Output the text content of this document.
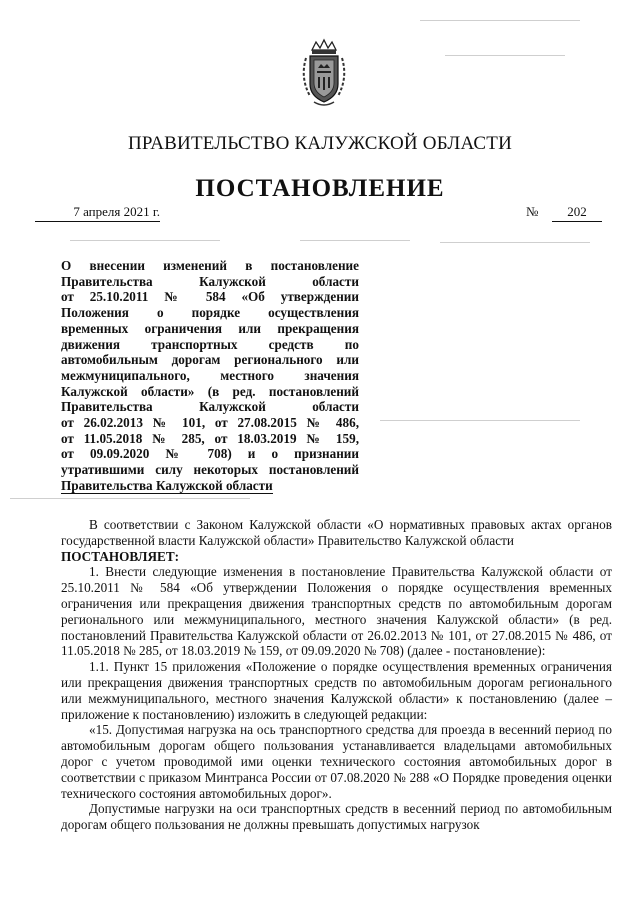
ПРАВИТЕЛЬСТВО КАЛУЖСКОЙ ОБЛАСТИ
ПОСТАНОВЛЕНИЕ
7 апреля 2021 г.	№	202
О внесении изменений в постановление
Правительства Калужской области
от 25.10.2011 № 584 «Об утверждении
Положения о порядке осуществления
временных ограничения или прекращения
движения транспортных средств по
автомобильным дорогам регионального или
межмуниципального, местного значения
Калужской области» (в ред. постановлений
Правительства Калужской области
от 26.02.2013 № 101, от 27.08.2015 № 486,
от 11.05.2018 № 285, от 18.03.2019 № 159,
от 09.09.2020 № 708) и о признании
утратившими силу некоторых постановлений
Правительства Калужской области

В соответствии с Законом Калужской области «О нормативных правовых актах органов государственной власти Калужской области» Правительство Калужской области

ПОСТАНОВЛЯЕТ:

1. Внести следующие изменения в постановление Правительства Калужской области от 25.10.2011 № 584 «Об утверждении Положения о порядке осуществления временных ограничения или прекращения движения транспортных средств по автомобильным дорогам регионального или межмуниципального, местного значения Калужской области» (в ред. постановлений Правительства Калужской области от 26.02.2013 № 101, от 27.08.2015 № 486, от 11.05.2018 № 285, от 18.03.2019 № 159, от 09.09.2020 № 708) (далее - постановление):

1.1. Пункт 15 приложения «Положение о порядке осуществления временных ограничения или прекращения движения транспортных средств по автомобильным дорогам регионального или межмуниципального, местного значения Калужской области» к постановлению (далее – приложение к постановлению) изложить в следующей редакции:

«15. Допустимая нагрузка на ось транспортного средства для проезда в весенний период по автомобильным дорогам общего пользования устанавливается владельцами автомобильных дорог с учетом проводимой ими оценки технического состояния автомобильных дорог в соответствии с приказом Минтранса России от 07.08.2020 № 288 «О Порядке проведения оценки технического состояния автомобильных дорог».

Допустимые нагрузки на оси транспортных средств в весенний период по автомобильным дорогам общего пользования не должны превышать допустимых нагрузок
